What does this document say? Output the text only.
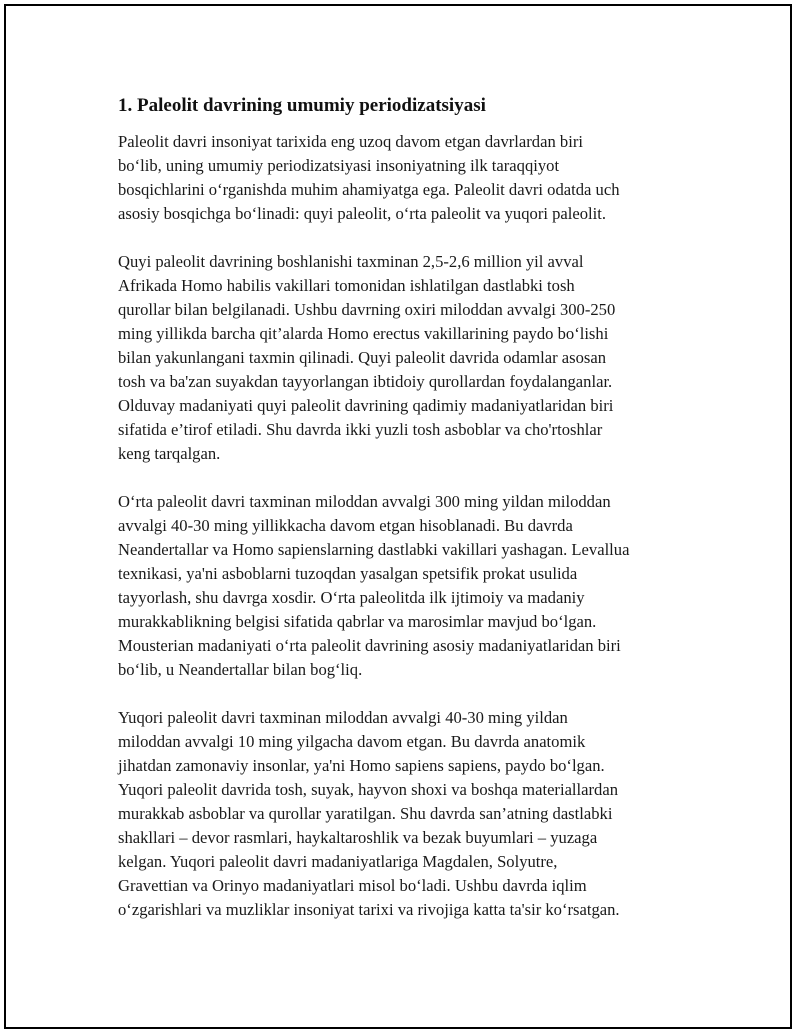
1. Paleolit davrining umumiy periodizatsiyasi

Paleolit davri insoniyat tarixida eng uzoq davom etgan davrlardan biri
bo‘lib, uning umumiy periodizatsiyasi insoniyatning ilk taraqqiyot
bosqichlarini o‘rganishda muhim ahamiyatga ega. Paleolit davri odatda uch
asosiy bosqichga bo‘linadi: quyi paleolit, o‘rta paleolit va yuqori paleolit.

Quyi paleolit davrining boshlanishi taxminan 2,5-2,6 million yil avval
Afrikada Homo habilis vakillari tomonidan ishlatilgan dastlabki tosh
qurollar bilan belgilanadi. Ushbu davrning oxiri miloddan avvalgi 300-250
ming yillikda barcha qit’alarda Homo erectus vakillarining paydo bo‘lishi
bilan yakunlangani taxmin qilinadi. Quyi paleolit davrida odamlar asosan
tosh va ba'zan suyakdan tayyorlangan ibtidoiy qurollardan foydalanganlar.
Olduvay madaniyati quyi paleolit davrining qadimiy madaniyatlaridan biri
sifatida e’tirof etiladi. Shu davrda ikki yuzli tosh asboblar va cho'rtoshlar
keng tarqalgan.

O‘rta paleolit davri taxminan miloddan avvalgi 300 ming yildan miloddan
avvalgi 40-30 ming yillikkacha davom etgan hisoblanadi. Bu davrda
Neandertallar va Homo sapienslarning dastlabki vakillari yashagan. Levallua
texnikasi, ya'ni asboblarni tuzoqdan yasalgan spetsifik prokat usulida
tayyorlash, shu davrga xosdir. O‘rta paleolitda ilk ijtimoiy va madaniy
murakkablikning belgisi sifatida qabrlar va marosimlar mavjud bo‘lgan.
Mousterian madaniyati o‘rta paleolit davrining asosiy madaniyatlaridan biri
bo‘lib, u Neandertallar bilan bog‘liq.

Yuqori paleolit davri taxminan miloddan avvalgi 40-30 ming yildan
miloddan avvalgi 10 ming yilgacha davom etgan. Bu davrda anatomik
jihatdan zamonaviy insonlar, ya'ni Homo sapiens sapiens, paydo bo‘lgan.
Yuqori paleolit davrida tosh, suyak, hayvon shoxi va boshqa materiallardan
murakkab asboblar va qurollar yaratilgan. Shu davrda san’atning dastlabki
shakllari – devor rasmlari, haykaltaroshlik va bezak buyumlari – yuzaga
kelgan. Yuqori paleolit davri madaniyatlariga Magdalen, Solyutre,
Gravettian va Orinyo madaniyatlari misol bo‘ladi. Ushbu davrda iqlim
o‘zgarishlari va muzliklar insoniyat tarixi va rivojiga katta ta'sir ko‘rsatgan.
